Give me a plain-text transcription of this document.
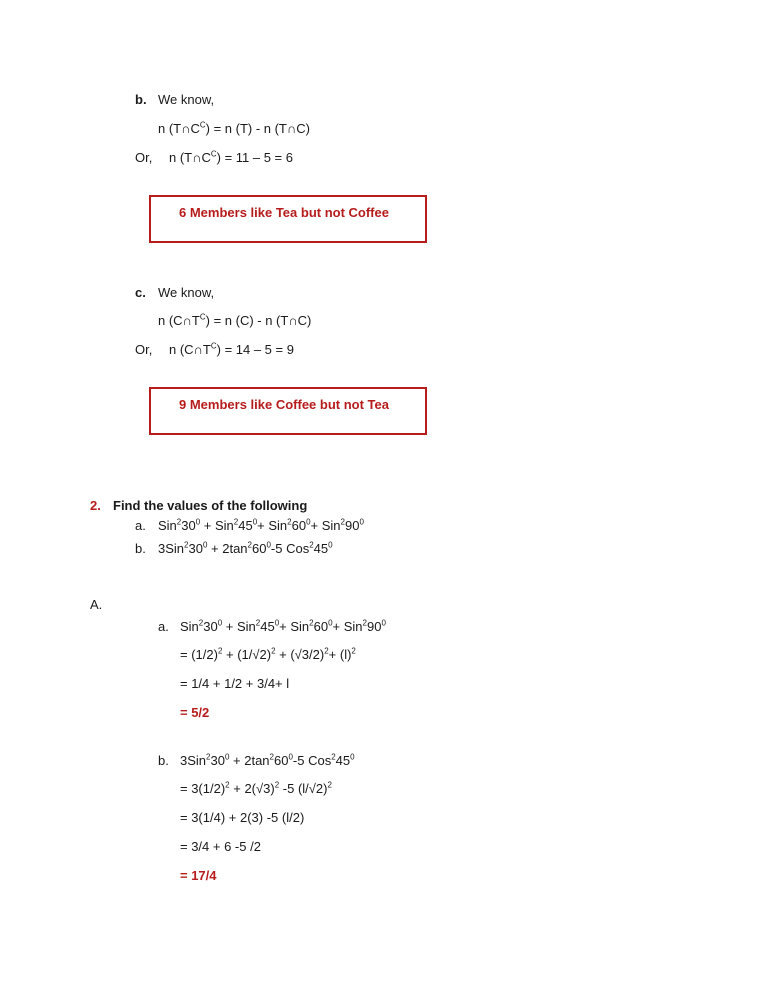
b. We know,
n $(T\cap C^C) = n$ (T) - n (T∩C)
Or, n $(T\cap C^C) = 11 - 5 = 6$
6 Members like Tea but not Coffee
c. We know,
n $(C\cap T^C) = n$ (C) - n (T∩C)
Or, n $(C\cap T^C) = 14 - 5 = 9$
9 Members like Coffee but not Tea
2. Find the values of the following
a. $Sin^230^0 + Sin^245^0+ Sin^260^0+ Sin^290^0$
b. $3Sin^230^0 + 2\tan^260^0-5$ $Cos^245^0$
A.
a. $Sin^230^0 + Sin^245^0+ Sin^260^0+ Sin^290^0$
= $(1/2)^2 + (1/√2)^2 + (√3/2)^2+ (l)^2$
= 1/4 + 1/2 + 3/4+ l
= 5/2
b. $3Sin^230^0 + 2\tan^260^0-5$ $Cos^245^0$
= $3(1/2)^2 + 2(√3)^2$ -5 $(l/√2)^2$
= 3(1/4) + 2(3) -5 (l/2)
= 3/4 + 6 -5 /2
= 17/4
